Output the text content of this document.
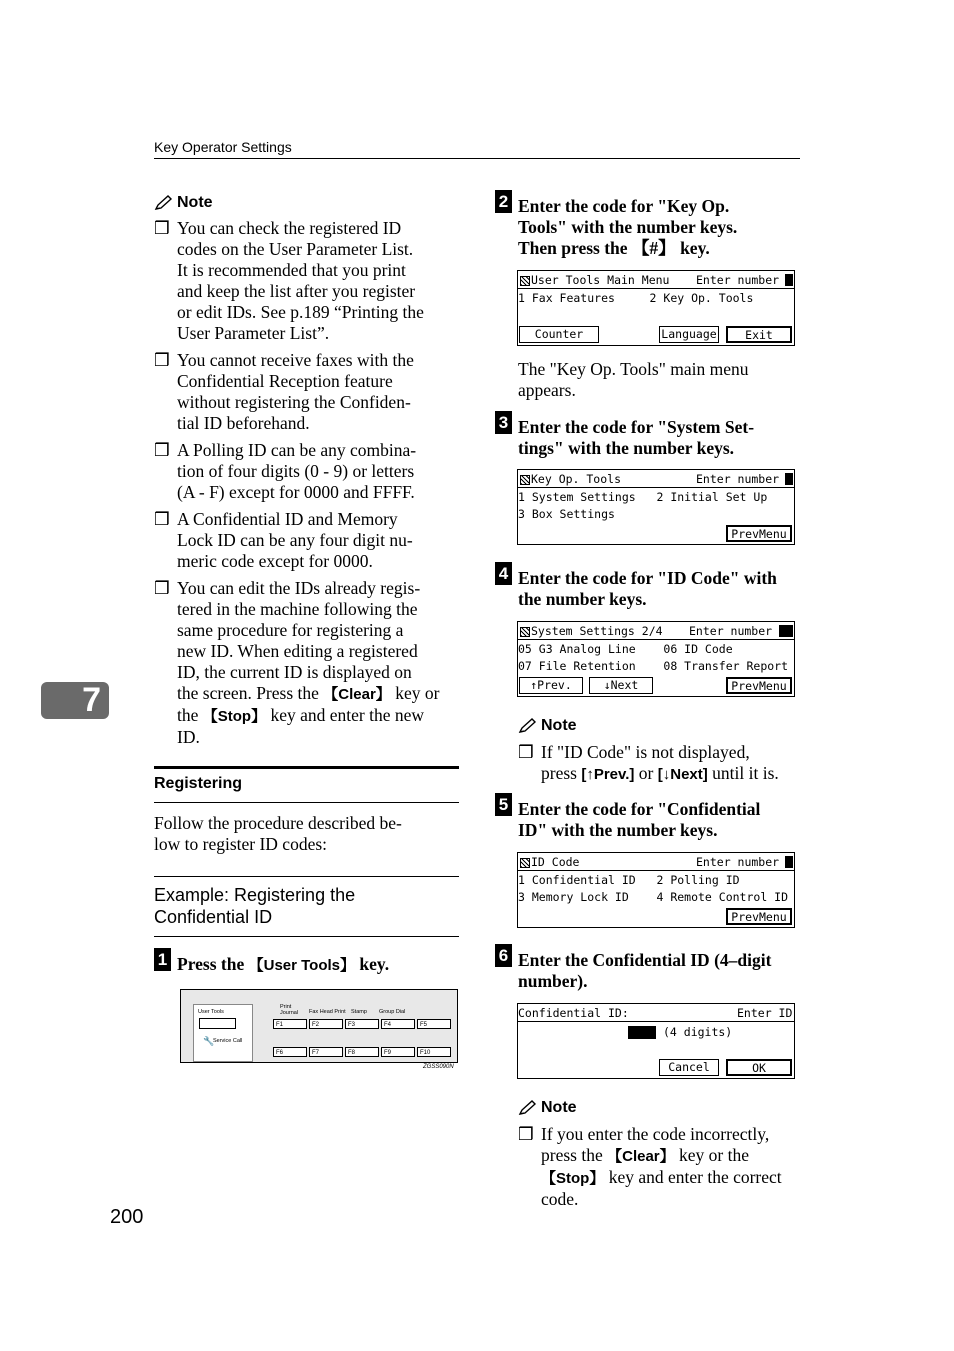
Key Operator Settings
7
Note
❒ You can check the registered ID
codes on the User Parameter List.
It is recommended that you print
and keep the list after you register
or edit IDs. See p.189 “Printing the
User Parameter List”.
❒ You cannot receive faxes with the
Confidential Reception feature
without registering the Confiden-
tial ID beforehand.
❒ A Polling ID can be any combina-
tion of four digits (0 - 9) or letters
(A - F) except for 0000 and FFFF.
❒ A Confidential ID and Memory
Lock ID can be any four digit nu-
meric code except for 0000.
❒ You can edit the IDs already regis-
tered in the machine following the
same procedure for registering a
new ID. When editing a registered
ID, the current ID is displayed on
the screen. Press the 【Clear】 key or
the 【Stop】 key and enter the new
ID.
Registering
Follow the procedure described be-
low to register ID codes:
Example: Registering the
Confidential ID
1 Press the 【User Tools】 key.
User Tools
Service Call
🔧
Print Journal	Fax Head Print Stamp Group Dial
F1	F2	F3	F4	F5
F6	F7	F8	F9	F10
ZGSS090N
2 Enter the code for "Key Op.
Tools" with the number keys.
Then press the 【#】 key.
User Tools Main Menu Enter number
1 Fax Features     2 Key Op. Tools
Counter	Language	Exit
The "Key Op. Tools" main menu
appears.
3 Enter the code for "System Set-
tings" with the number keys.
Key Op. Tools	Enter number
1 System Settings   2 Initial Set Up
3 Box Settings
PrevMenu
4 Enter the code for "ID Code" with
the number keys.
System Settings 2/4 Enter number
05 G3 Analog Line    06 ID Code
07 File Retention    08 Transfer Report
↑Prev.	↓Next	PrevMenu
Note
❒ If "ID Code" is not displayed,
press [↑Prev.] or [↓Next] until it is.
5 Enter the code for "Confidential
ID" with the number keys.
ID Code	Enter number
1 Confidential ID   2 Polling ID
3 Memory Lock ID    4 Remote Control ID
PrevMenu
6 Enter the Confidential ID (4–digit
number).
Confidential ID:	Enter ID
(4 digits)
Cancel	OK
Note
❒ If you enter the code incorrectly,
press the 【Clear】 key or the
【Stop】 key and enter the correct
code.
200
